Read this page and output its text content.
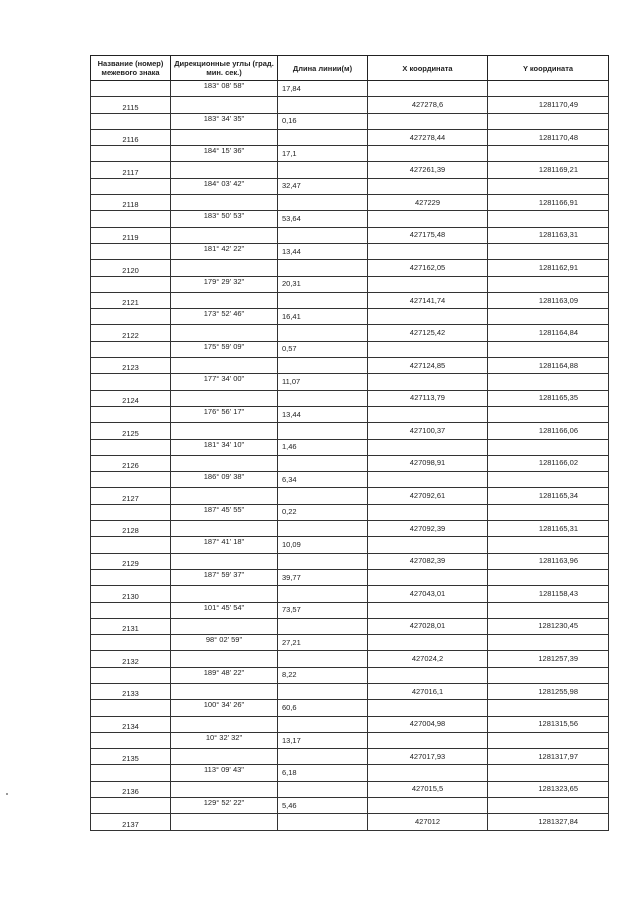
Название (номер) межевого знака	Дирекционные углы (град. мин. сек.)	Длина линии(м)	X координата	Y координата
	183° 08' 58"	17,84		
2115			427278,6	1281170,49
	183° 34' 35"	0,16		
2116			427278,44	1281170,48
	184° 15' 36"	17,1		
2117			427261,39	1281169,21
	184° 03' 42"	32,47		
2118			427229	1281166,91
	183° 50' 53"	53,64		
2119			427175,48	1281163,31
	181° 42' 22"	13,44		
2120			427162,05	1281162,91
	179° 29' 32"	20,31		
2121			427141,74	1281163,09
	173° 52' 46"	16,41		
2122			427125,42	1281164,84
	175° 59' 09"	0,57		
2123			427124,85	1281164,88
	177° 34' 00"	11,07		
2124			427113,79	1281165,35
	176° 56' 17"	13,44		
2125			427100,37	1281166,06
	181° 34' 10"	1,46		
2126			427098,91	1281166,02
	186° 09' 38"	6,34		
2127			427092,61	1281165,34
	187° 45' 55"	0,22		
2128			427092,39	1281165,31
	187° 41' 18"	10,09		
2129			427082,39	1281163,96
	187° 59' 37"	39,77		
2130			427043,01	1281158,43
	101° 45' 54"	73,57		
2131			427028,01	1281230,45
	98° 02' 59"	27,21		
2132			427024,2	1281257,39
	189° 48' 22"	8,22		
2133			427016,1	1281255,98
	100° 34' 26"	60,6		
2134			427004,98	1281315,56
	10° 32' 32"	13,17		
2135			427017,93	1281317,97
	113° 09' 43"	6,18		
2136			427015,5	1281323,65
	129° 52' 22"	5,46		
2137			427012	1281327,84
